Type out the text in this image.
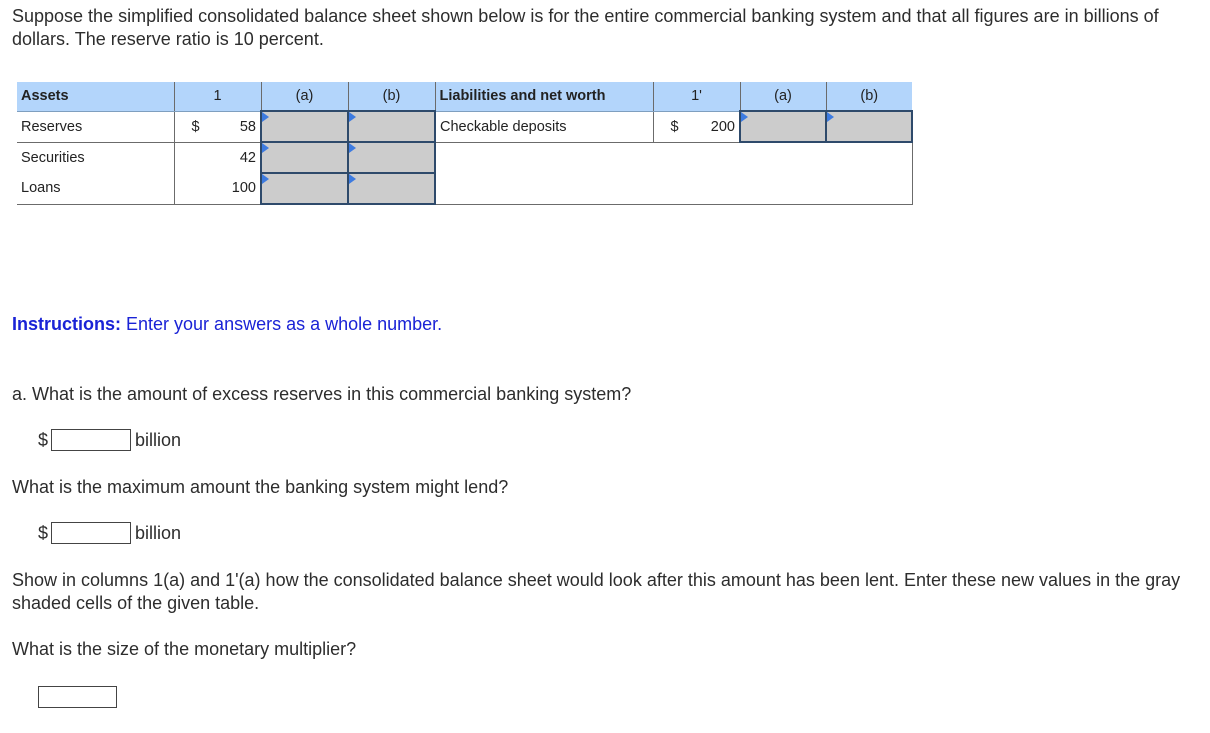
Suppose the simplified consolidated balance sheet shown below is for the entire commercial banking system and that all figures are in billions of dollars. The reserve ratio is 10 percent.

Assets	1	(a)	(b)	Liabilities and net worth	1'	(a)	(b)
Reserves	$ 58			Checkable deposits	$ 200

Securities	42

Loans	100

Instructions: Enter your answers as a whole number.

a. What is the amount of excess reserves in this commercial banking system?

$	billion

What is the maximum amount the banking system might lend?

$	billion

Show in columns 1(a) and 1'(a) how the consolidated balance sheet would look after this amount has been lent. Enter these new values in the gray shaded cells of the given table.

What is the size of the monetary multiplier?
